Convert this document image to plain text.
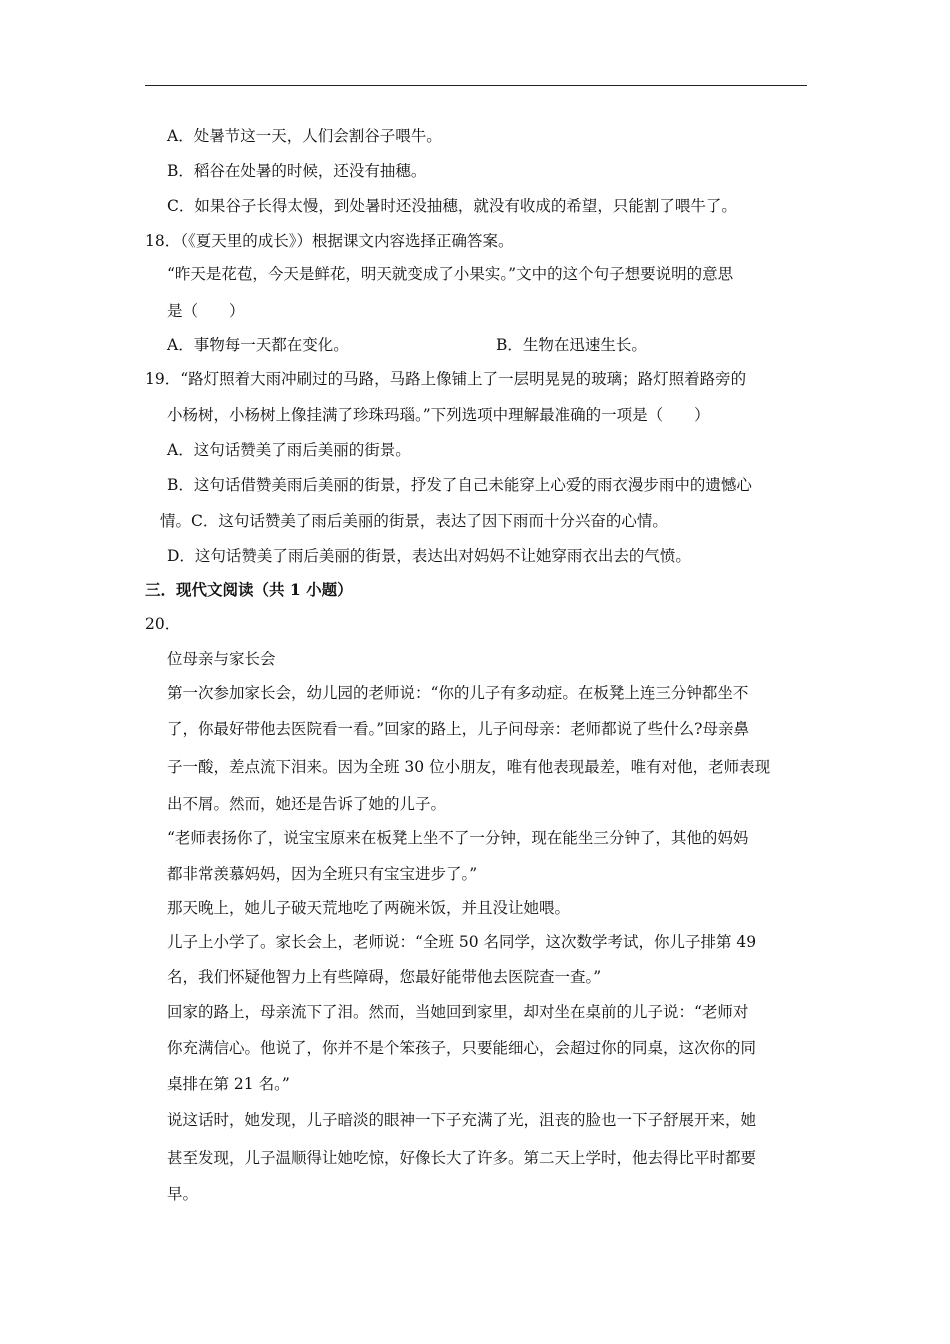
A．处暑节这一天，人们会割谷子喂牛。
B．稻谷在处暑的时候，还没有抽穗。
C．如果谷子长得太慢，到处暑时还没抽穗，就没有收成的希望，只能割了喂牛了。
18．（《夏天里的成长》）根据课文内容选择正确答案。
“昨天是花苞，今天是鲜花，明天就变成了小果实。”文中的这个句子想要说明的意思
是（　　）
A．事物每一天都在变化。	B．生物在迅速生长。
19．“路灯照着大雨冲刷过的马路，马路上像铺上了一层明晃晃的玻璃；路灯照着路旁的
小杨树，小杨树上像挂满了珍珠玛瑙。”下列选项中理解最准确的一项是（　　）
A．这句话赞美了雨后美丽的街景。
B．这句话借赞美雨后美丽的街景，抒发了自己未能穿上心爱的雨衣漫步雨中的遗憾心
情。C．这句话赞美了雨后美丽的街景，表达了因下雨而十分兴奋的心情。
D．这句话赞美了雨后美丽的街景，表达出对妈妈不让她穿雨衣出去的气愤。
三．现代文阅读（共 1 小题）
20．
位母亲与家长会
第一次参加家长会，幼儿园的老师说：“你的儿子有多动症。在板凳上连三分钟都坐不
了，你最好带他去医院看一看。”回家的路上，儿子问母亲：老师都说了些什么?母亲鼻
子一酸，差点流下泪来。因为全班 30 位小朋友，唯有他表现最差，唯有对他，老师表现
出不屑。然而，她还是告诉了她的儿子。
“老师表扬你了，说宝宝原来在板凳上坐不了一分钟，现在能坐三分钟了，其他的妈妈
都非常羡慕妈妈，因为全班只有宝宝进步了。”
那天晚上，她儿子破天荒地吃了两碗米饭，并且没让她喂。
儿子上小学了。家长会上，老师说：“全班 50 名同学，这次数学考试，你儿子排第 49
名，我们怀疑他智力上有些障碍，您最好能带他去医院查一查。”
回家的路上，母亲流下了泪。然而，当她回到家里，却对坐在桌前的儿子说：“老师对
你充满信心。他说了，你并不是个笨孩子，只要能细心，会超过你的同桌，这次你的同
桌排在第 21 名。”
说这话时，她发现，儿子暗淡的眼神一下子充满了光，沮丧的脸也一下子舒展开来，她
甚至发现，儿子温顺得让她吃惊，好像长大了许多。第二天上学时，他去得比平时都要
早。
